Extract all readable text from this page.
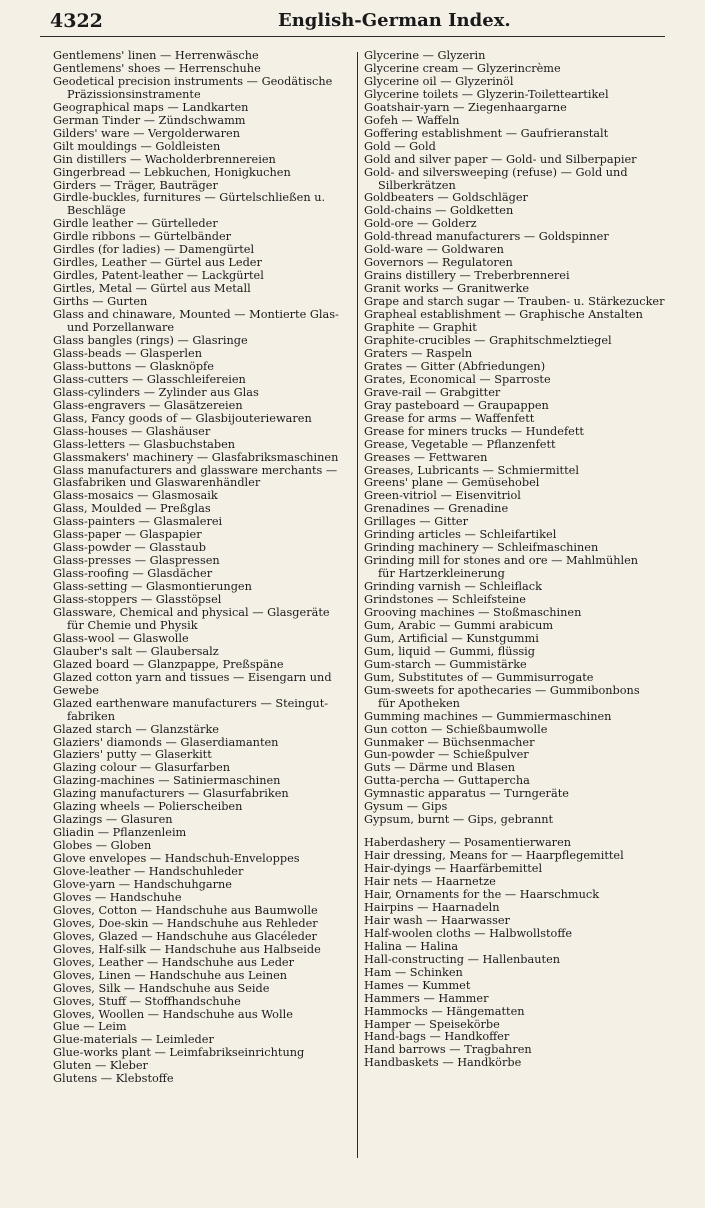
4322	English-German Index.
Gentlemens' linen — Herrenwäsche
Gentlemens' shoes — Herrenschuhe
Geodetical precision instruments — Geodätische
Präzissionsinstramente
Geographical maps — Landkarten
German Tinder — Zündschwamm
Gilders' ware — Vergolderwaren
Gilt mouldings — Goldleisten
Gin distillers — Wacholderbrennereien
Gingerbread — Lebkuchen, Honigkuchen
Girders — Träger, Bauträger
Girdle-buckles, furnitures — Gürtelschließen u.
Beschläge
Girdle leather — Gürtelleder
Girdle ribbons — Gürtelbänder
Girdles (for ladies) — Damengürtel
Girdles, Leather — Gürtel aus Leder
Girdles, Patent-leather — Lackgürtel
Girtles, Metal — Gürtel aus Metall
Girths — Gurten
Glass and chinaware, Mounted — Montierte Glas-
und Porzellanware
Glass bangles (rings) — Glasringe
Glass-beads — Glasperlen
Glass-buttons — Glasknöpfe
Glass-cutters — Glasschleifereien
Glass-cylinders — Zylinder aus Glas
Glass-engravers — Glasätzereien
Glass, Fancy goods of — Glasbijouteriewaren
Glass-houses — Glashäuser
Glass-letters — Glasbuchstaben
Glassmakers' machinery — Glasfabriksmaschinen
Glass manufacturers and glassware merchants —
Glasfabriken und Glaswarenhändler
Glass-mosaics — Glasmosaik
Glass, Moulded — Preßglas
Glass-painters — Glasmalerei
Glass-paper — Glaspapier
Glass-powder — Glasstaub
Glass-presses — Glaspressen
Glass-roofing — Glasdächer
Glass-setting — Glasmontierungen
Glass-stoppers — Glasstöpsel
Glassware, Chemical and physical — Glasgeräte
für Chemie und Physik
Glass-wool — Glaswolle
Glauber's salt — Glaubersalz
Glazed board — Glanzpappe, Preßspäne
Glazed cotton yarn and tissues — Eisengarn und
Gewebe
Glazed earthenware manufacturers — Steingut-
fabriken
Glazed starch — Glanzstärke
Glaziers' diamonds — Glaserdiamanten
Glaziers' putty — Glaserkitt
Glazing colour — Glasurfarben
Glazing-machines — Satiniermaschinen
Glazing manufacturers — Glasurfabriken
Glazing wheels — Polierscheiben
Glazings — Glasuren
Gliadin — Pflanzenleim
Globes — Globen
Glove envelopes — Handschuh-Enveloppes
Glove-leather — Handschuhleder
Glove-yarn — Handschuhgarne
Gloves — Handschuhe
Gloves, Cotton — Handschuhe aus Baumwolle
Gloves, Doe-skin — Handschuhe aus Rehleder
Gloves, Glazed — Handschuhe aus Glacéleder
Gloves, Half-silk — Handschuhe aus Halbseide
Gloves, Leather — Handschuhe aus Leder
Gloves, Linen — Handschuhe aus Leinen
Gloves, Silk — Handschuhe aus Seide
Gloves, Stuff — Stoffhandschuhe
Gloves, Woollen — Handschuhe aus Wolle
Glue — Leim
Glue-materials — Leimleder
Glue-works plant — Leimfabrikseinrichtung
Gluten — Kleber
Glutens — Klebstoffe
Glycerine — Glyzerin
Glycerine cream — Glyzerincrème
Glycerine oil — Glyzerinöl
Glycerine toilets — Glyzerin-Toiletteartikel
Goatshair-yarn — Ziegenhaargarne
Gofeh — Waffeln
Goffering establishment — Gaufrieranstalt
Gold — Gold
Gold and silver paper — Gold- und Silberpapier
Gold- and silversweeping (refuse) — Gold und
Silberkrätzen
Goldbeaters — Goldschläger
Gold-chains — Goldketten
Gold-ore — Golderz
Gold-thread manufacturers — Goldspinner
Gold-ware — Goldwaren
Governors — Regulatoren
Grains distillery — Treberbrennerei
Granit works — Granitwerke
Grape and starch sugar — Trauben- u. Stärkezucker
Grapheal establishment — Graphische Anstalten
Graphite — Graphit
Graphite-crucibles — Graphitschmelztiegel
Graters — Raspeln
Grates — Gitter (Abfriedungen)
Grates, Economical — Sparroste
Grave-rail — Grabgitter
Gray pasteboard — Graupappen
Grease for arms — Waffenfett
Grease for miners trucks — Hundefett
Grease, Vegetable — Pflanzenfett
Greases — Fettwaren
Greases, Lubricants — Schmiermittel
Greens' plane — Gemüsehobel
Green-vitriol — Eisenvitriol
Grenadines — Grenadine
Grillages — Gitter
Grinding articles — Schleifartikel
Grinding machinery — Schleifmaschinen
Grinding mill for stones and ore — Mahlmühlen
für Hartzerkleinerung
Grinding varnish — Schleiflack
Grindstones — Schleifsteine
Grooving machines — Stoßmaschinen
Gum, Arabic — Gummi arabicum
Gum, Artificial — Kunstgummi
Gum, liquid — Gummi, flüssig
Gum-starch — Gummistärke
Gum, Substitutes of — Gummisurrogate
Gum-sweets for apothecaries — Gummibonbons
für Apotheken
Gumming machines — Gummiermaschinen
Gun cotton — Schießbaumwolle
Gunmaker — Büchsenmacher
Gun-powder — Schießpulver
Guts — Därme und Blasen
Gutta-percha — Guttapercha
Gymnastic apparatus — Turngeräte
Gysum — Gips
Gypsum, burnt — Gips, gebrannt
Haberdashery — Posamentierwaren
Hair dressing, Means for — Haarpflegemittel
Hair-dyings — Haarfärbemittel
Hair nets — Haarnetze
Hair, Ornaments for the — Haarschmuck
Hairpins — Haarnadeln
Hair wash — Haarwasser
Half-woolen cloths — Halbwollstoffe
Halina — Halina
Hall-constructing — Hallenbauten
Ham — Schinken
Hames — Kummet
Hammers — Hammer
Hammocks — Hängematten
Hamper — Speisekörbe
Hand-bags — Handkoffer
Hand barrows — Tragbahren
Handbaskets — Handkörbe
